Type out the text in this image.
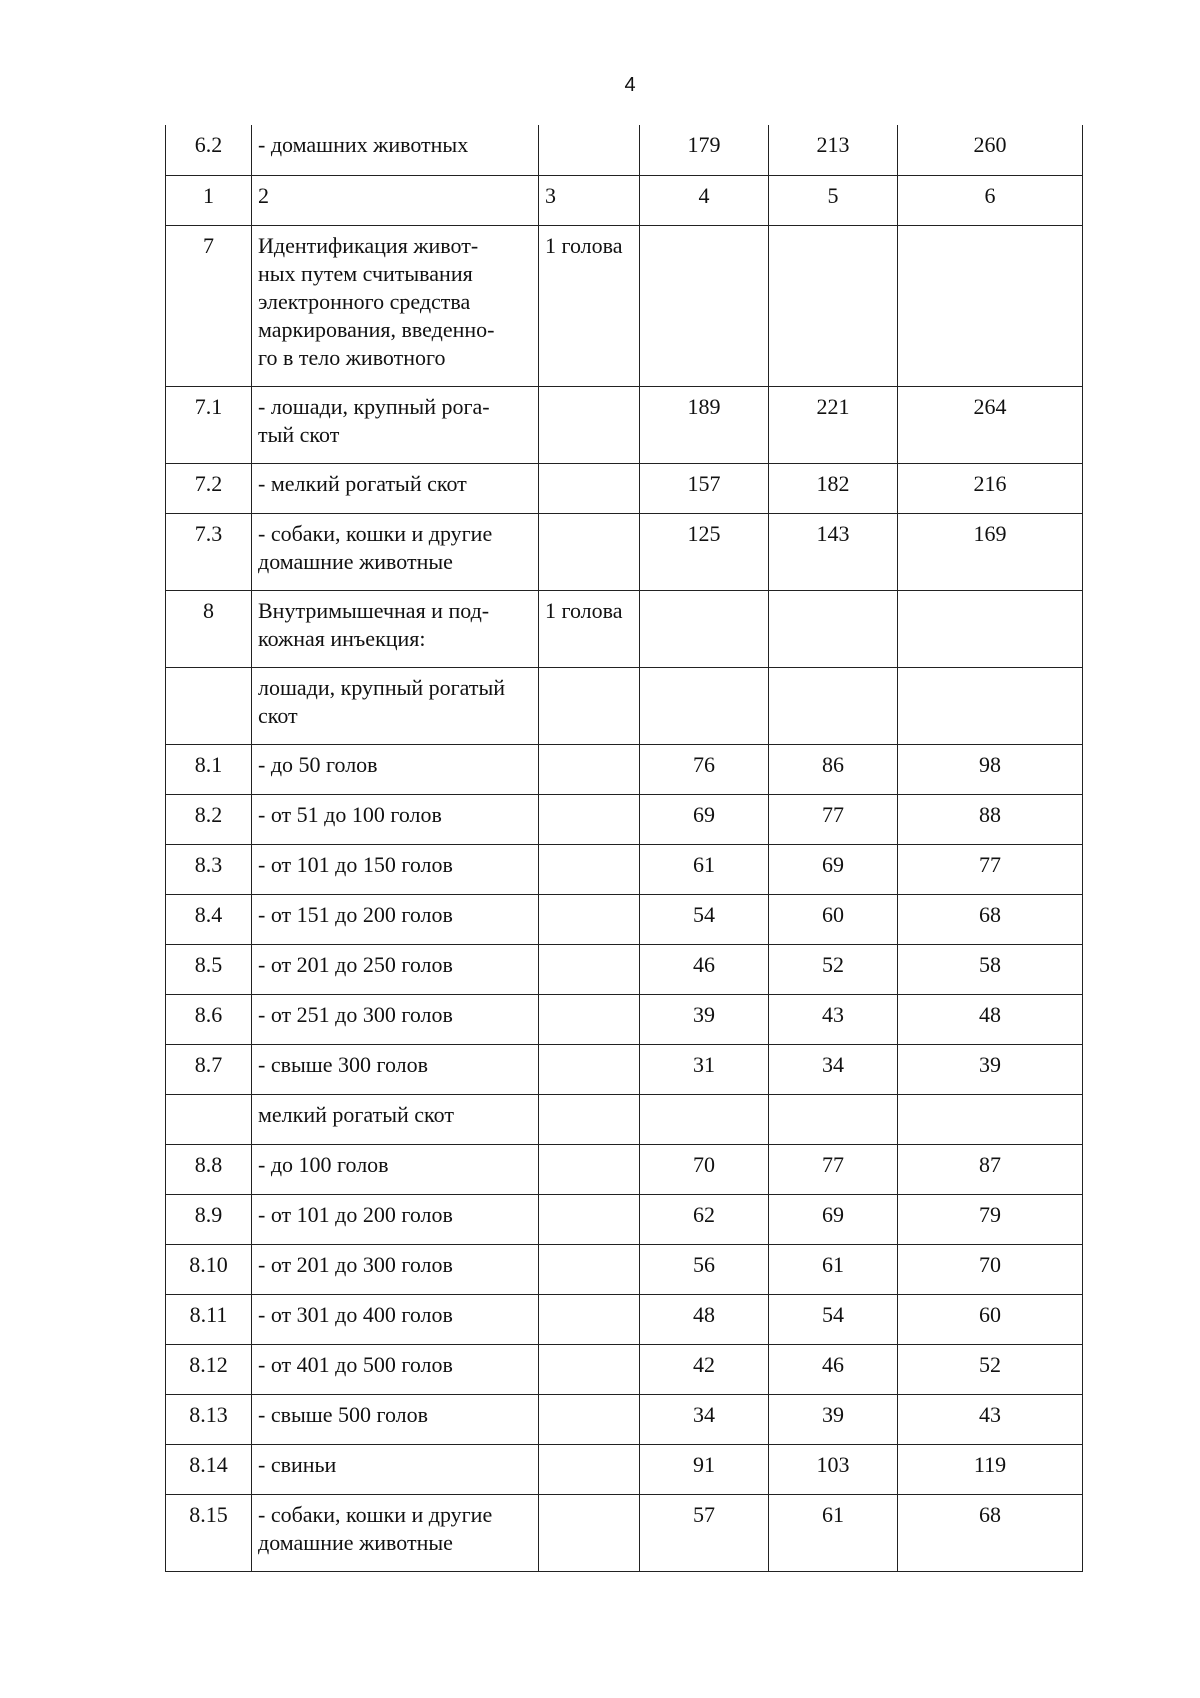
4
6.2	- домашних животных		179	213	260
1	2	3	4	5	6
7	Идентификация живот-
ных путем считывания
электронного средства
маркирования, введенно-
го в тело животного	1 голова			
7.1	- лошади, крупный рога-
тый скот		189	221	264
7.2	- мелкий рогатый скот		157	182	216
7.3	- собаки, кошки и другие
домашние животные		125	143	169
8	Внутримышечная и под-
кожная инъекция:	1 голова			
	лошади, крупный рогатый
скот				
8.1	- до 50 голов		76	86	98
8.2	- от 51 до 100 голов		69	77	88
8.3	- от 101 до 150 голов		61	69	77
8.4	- от 151 до 200 голов		54	60	68
8.5	- от 201 до 250 голов		46	52	58
8.6	- от 251 до 300 голов		39	43	48
8.7	- свыше 300 голов		31	34	39
	мелкий рогатый скот				
8.8	- до 100 голов		70	77	87
8.9	- от 101 до 200 голов		62	69	79
8.10	- от 201 до 300 голов		56	61	70
8.11	- от 301 до 400 голов		48	54	60
8.12	- от 401 до 500 голов		42	46	52
8.13	- свыше 500 голов		34	39	43
8.14	- свиньи		91	103	119
8.15	- собаки, кошки и другие
домашние животные		57	61	68
